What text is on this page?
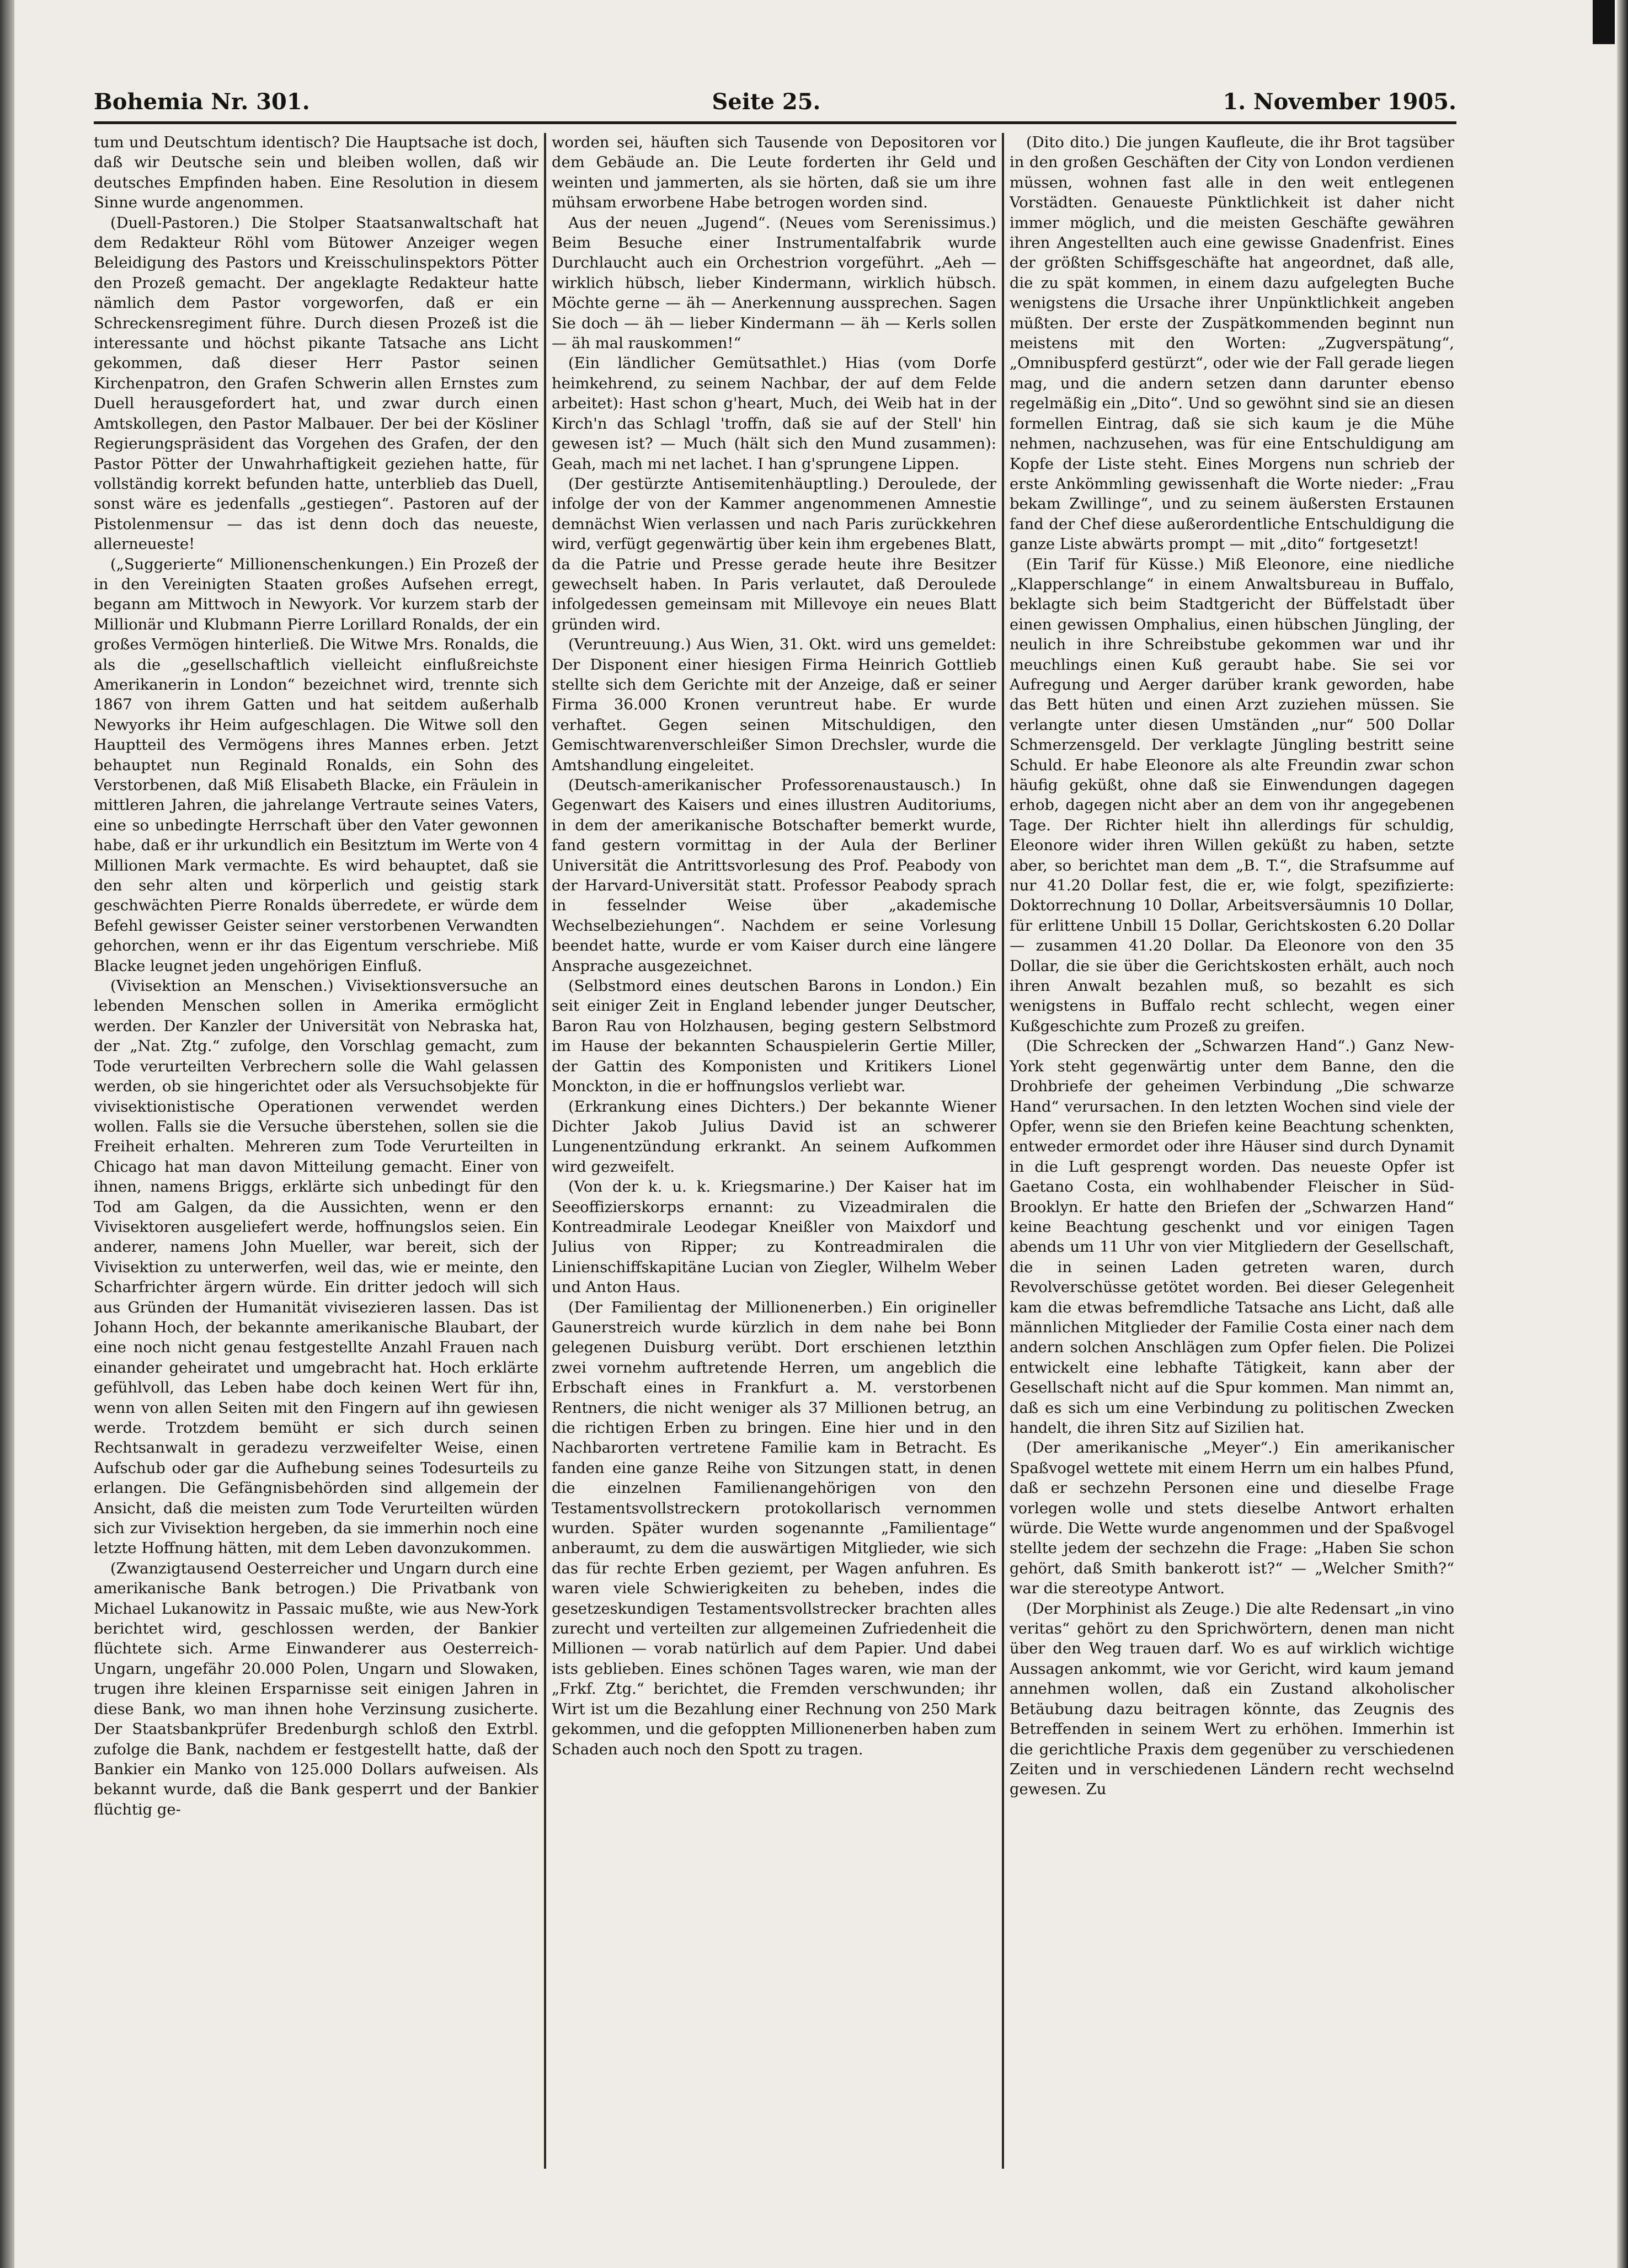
Bohemia Nr. 301.	Seite 25.	1. November 1905.

tum und Deutschtum identisch? Die Hauptsache ist doch, daß wir Deutsche sein und bleiben wollen, daß wir deutsches Empfinden haben. Eine Resolution in diesem Sinne wurde angenommen.

(Duell-Pastoren.) Die Stolper Staatsanwaltschaft hat dem Redakteur Röhl vom Bütower Anzeiger wegen Beleidigung des Pastors und Kreisschulinspektors Pötter den Prozeß gemacht. Der angeklagte Redakteur hatte nämlich dem Pastor vorgeworfen, daß er ein Schreckensregiment führe. Durch diesen Prozeß ist die interessante und höchst pikante Tatsache ans Licht gekommen, daß dieser Herr Pastor seinen Kirchenpatron, den Grafen Schwerin allen Ernstes zum Duell herausgefordert hat, und zwar durch einen Amtskollegen, den Pastor Malbauer. Der bei der Kösliner Regierungspräsident das Vorgehen des Grafen, der den Pastor Pötter der Unwahrhaftigkeit geziehen hatte, für vollständig korrekt befunden hatte, unterblieb das Duell, sonst wäre es jedenfalls „gestiegen“. Pastoren auf der Pistolenmensur — das ist denn doch das neueste, allerneueste!

(„Suggerierte“ Millionenschenkungen.) Ein Prozeß der in den Vereinigten Staaten großes Aufsehen erregt, begann am Mittwoch in Newyork. Vor kurzem starb der Millionär und Klubmann Pierre Lorillard Ronalds, der ein großes Vermögen hinterließ. Die Witwe Mrs. Ronalds, die als die „gesellschaftlich vielleicht einflußreichste Amerikanerin in London“ bezeichnet wird, trennte sich 1867 von ihrem Gatten und hat seitdem außerhalb Newyorks ihr Heim aufgeschlagen. Die Witwe soll den Hauptteil des Vermögens ihres Mannes erben. Jetzt behauptet nun Reginald Ronalds, ein Sohn des Verstorbenen, daß Miß Elisabeth Blacke, ein Fräulein in mittleren Jahren, die jahrelange Vertraute seines Vaters, eine so unbedingte Herrschaft über den Vater gewonnen habe, daß er ihr urkundlich ein Besitztum im Werte von 4 Millionen Mark vermachte. Es wird behauptet, daß sie den sehr alten und körperlich und geistig stark geschwächten Pierre Ronalds überredete, er würde dem Befehl gewisser Geister seiner verstorbenen Verwandten gehorchen, wenn er ihr das Eigentum verschriebe. Miß Blacke leugnet jeden ungehörigen Einfluß.

(Vivisektion an Menschen.) Vivisektionsversuche an lebenden Menschen sollen in Amerika ermöglicht werden. Der Kanzler der Universität von Nebraska hat, der „Nat. Ztg.“ zufolge, den Vorschlag gemacht, zum Tode verurteilten Verbrechern solle die Wahl gelassen werden, ob sie hingerichtet oder als Versuchsobjekte für vivisektionistische Operationen verwendet werden wollen. Falls sie die Versuche überstehen, sollen sie die Freiheit erhalten. Mehreren zum Tode Verurteilten in Chicago hat man davon Mitteilung gemacht. Einer von ihnen, namens Briggs, erklärte sich unbedingt für den Tod am Galgen, da die Aussichten, wenn er den Vivisektoren ausgeliefert werde, hoffnungslos seien. Ein anderer, namens John Mueller, war bereit, sich der Vivisektion zu unterwerfen, weil das, wie er meinte, den Scharfrichter ärgern würde. Ein dritter jedoch will sich aus Gründen der Humanität vivisezieren lassen. Das ist Johann Hoch, der bekannte amerikanische Blaubart, der eine noch nicht genau festgestellte Anzahl Frauen nach einander geheiratet und umgebracht hat. Hoch erklärte gefühlvoll, das Leben habe doch keinen Wert für ihn, wenn von allen Seiten mit den Fingern auf ihn gewiesen werde. Trotzdem bemüht er sich durch seinen Rechtsanwalt in geradezu verzweifelter Weise, einen Aufschub oder gar die Aufhebung seines Todesurteils zu erlangen. Die Gefängnisbehörden sind allgemein der Ansicht, daß die meisten zum Tode Verurteilten würden sich zur Vivisektion hergeben, da sie immerhin noch eine letzte Hoffnung hätten, mit dem Leben davonzukommen.

(Zwanzigtausend Oesterreicher und Ungarn durch eine amerikanische Bank betrogen.) Die Privatbank von Michael Lukanowitz in Passaic mußte, wie aus New-York berichtet wird, geschlossen werden, der Bankier flüchtete sich. Arme Einwanderer aus Oesterreich-Ungarn, ungefähr 20.000 Polen, Ungarn und Slowaken, trugen ihre kleinen Ersparnisse seit einigen Jahren in diese Bank, wo man ihnen hohe Verzinsung zusicherte. Der Staatsbankprüfer Bredenburgh schloß den Extrbl. zufolge die Bank, nachdem er festgestellt hatte, daß der Bankier ein Manko von 125.000 Dollars aufweisen. Als bekannt wurde, daß die Bank gesperrt und der Bankier flüchtig ge-

worden sei, häuften sich Tausende von Depositoren vor dem Gebäude an. Die Leute forderten ihr Geld und weinten und jammerten, als sie hörten, daß sie um ihre mühsam erworbene Habe betrogen worden sind.

Aus der neuen „Jugend“. (Neues vom Serenissimus.) Beim Besuche einer Instrumentalfabrik wurde Durchlaucht auch ein Orchestrion vorgeführt. „Aeh — wirklich hübsch, lieber Kindermann, wirklich hübsch. Möchte gerne — äh — Anerkennung aussprechen. Sagen Sie doch — äh — lieber Kindermann — äh — Kerls sollen — äh mal rauskommen!“

(Ein ländlicher Gemütsathlet.) Hias (vom Dorfe heimkehrend, zu seinem Nachbar, der auf dem Felde arbeitet): Hast schon g'heart, Much, dei Weib hat in der Kirch'n das Schlagl 'troffn, daß sie auf der Stell' hin gewesen ist? — Much (hält sich den Mund zusammen): Geah, mach mi net lachet. I han g'sprungene Lippen.

(Der gestürzte Antisemitenhäuptling.) Deroulede, der infolge der von der Kammer angenommenen Amnestie demnächst Wien verlassen und nach Paris zurückkehren wird, verfügt gegenwärtig über kein ihm ergebenes Blatt, da die Patrie und Presse gerade heute ihre Besitzer gewechselt haben. In Paris verlautet, daß Deroulede infolgedessen gemeinsam mit Millevoye ein neues Blatt gründen wird.

(Veruntreuung.) Aus Wien, 31. Okt. wird uns gemeldet: Der Disponent einer hiesigen Firma Heinrich Gottlieb stellte sich dem Gerichte mit der Anzeige, daß er seiner Firma 36.000 Kronen veruntreut habe. Er wurde verhaftet. Gegen seinen Mitschuldigen, den Gemischtwarenverschleißer Simon Drechsler, wurde die Amtshandlung eingeleitet.

(Deutsch-amerikanischer Professorenaustausch.) In Gegenwart des Kaisers und eines illustren Auditoriums, in dem der amerikanische Botschafter bemerkt wurde, fand gestern vormittag in der Aula der Berliner Universität die Antrittsvorlesung des Prof. Peabody von der Harvard-Universität statt. Professor Peabody sprach in fesselnder Weise über „akademische Wechselbeziehungen“. Nachdem er seine Vorlesung beendet hatte, wurde er vom Kaiser durch eine längere Ansprache ausgezeichnet.

(Selbstmord eines deutschen Barons in London.) Ein seit einiger Zeit in England lebender junger Deutscher, Baron Rau von Holzhausen, beging gestern Selbstmord im Hause der bekannten Schauspielerin Gertie Miller, der Gattin des Komponisten und Kritikers Lionel Monckton, in die er hoffnungslos verliebt war.

(Erkrankung eines Dichters.) Der bekannte Wiener Dichter Jakob Julius David ist an schwerer Lungenentzündung erkrankt. An seinem Aufkommen wird gezweifelt.

(Von der k. u. k. Kriegsmarine.) Der Kaiser hat im Seeoffizierskorps ernannt: zu Vizeadmiralen die Kontreadmirale Leodegar Kneißler von Maixdorf und Julius von Ripper; zu Kontreadmiralen die Linienschiffskapitäne Lucian von Ziegler, Wilhelm Weber und Anton Haus.

(Der Familientag der Millionenerben.) Ein origineller Gaunerstreich wurde kürzlich in dem nahe bei Bonn gelegenen Duisburg verübt. Dort erschienen letzthin zwei vornehm auftretende Herren, um angeblich die Erbschaft eines in Frankfurt a. M. verstorbenen Rentners, die nicht weniger als 37 Millionen betrug, an die richtigen Erben zu bringen. Eine hier und in den Nachbarorten vertretene Familie kam in Betracht. Es fanden eine ganze Reihe von Sitzungen statt, in denen die einzelnen Familienangehörigen von den Testamentsvollstreckern protokollarisch vernommen wurden. Später wurden sogenannte „Familientage“ anberaumt, zu dem die auswärtigen Mitglieder, wie sich das für rechte Erben geziemt, per Wagen anfuhren. Es waren viele Schwierigkeiten zu beheben, indes die gesetzeskundigen Testamentsvollstrecker brachten alles zurecht und verteilten zur allgemeinen Zufriedenheit die Millionen — vorab natürlich auf dem Papier. Und dabei ists geblieben. Eines schönen Tages waren, wie man der „Frkf. Ztg.“ berichtet, die Fremden verschwunden; ihr Wirt ist um die Bezahlung einer Rechnung von 250 Mark gekommen, und die gefoppten Millionenerben haben zum Schaden auch noch den Spott zu tragen.

(Dito dito.) Die jungen Kaufleute, die ihr Brot tagsüber in den großen Geschäften der City von London verdienen müssen, wohnen fast alle in den weit entlegenen Vorstädten. Genaueste Pünktlichkeit ist daher nicht immer möglich, und die meisten Geschäfte gewähren ihren Angestellten auch eine gewisse Gnadenfrist. Eines der größten Schiffsgeschäfte hat angeordnet, daß alle, die zu spät kommen, in einem dazu aufgelegten Buche wenigstens die Ursache ihrer Unpünktlichkeit angeben müßten. Der erste der Zuspätkommenden beginnt nun meistens mit den Worten: „Zugverspätung“, „Omnibuspferd gestürzt“, oder wie der Fall gerade liegen mag, und die andern setzen dann darunter ebenso regelmäßig ein „Dito“. Und so gewöhnt sind sie an diesen formellen Eintrag, daß sie sich kaum je die Mühe nehmen, nachzusehen, was für eine Entschuldigung am Kopfe der Liste steht. Eines Morgens nun schrieb der erste Ankömmling gewissenhaft die Worte nieder: „Frau bekam Zwillinge“, und zu seinem äußersten Erstaunen fand der Chef diese außerordentliche Entschuldigung die ganze Liste abwärts prompt — mit „dito“ fortgesetzt!

(Ein Tarif für Küsse.) Miß Eleonore, eine niedliche „Klapperschlange“ in einem Anwaltsbureau in Buffalo, beklagte sich beim Stadtgericht der Büffelstadt über einen gewissen Omphalius, einen hübschen Jüngling, der neulich in ihre Schreibstube gekommen war und ihr meuchlings einen Kuß geraubt habe. Sie sei vor Aufregung und Aerger darüber krank geworden, habe das Bett hüten und einen Arzt zuziehen müssen. Sie verlangte unter diesen Umständen „nur“ 500 Dollar Schmerzensgeld. Der verklagte Jüngling bestritt seine Schuld. Er habe Eleonore als alte Freundin zwar schon häufig geküßt, ohne daß sie Einwendungen dagegen erhob, dagegen nicht aber an dem von ihr angegebenen Tage. Der Richter hielt ihn allerdings für schuldig, Eleonore wider ihren Willen geküßt zu haben, setzte aber, so berichtet man dem „B. T.“, die Strafsumme auf nur 41.20 Dollar fest, die er, wie folgt, spezifizierte: Doktorrechnung 10 Dollar, Arbeitsversäumnis 10 Dollar, für erlittene Unbill 15 Dollar, Gerichtskosten 6.20 Dollar — zusammen 41.20 Dollar. Da Eleonore von den 35 Dollar, die sie über die Gerichtskosten erhält, auch noch ihren Anwalt bezahlen muß, so bezahlt es sich wenigstens in Buffalo recht schlecht, wegen einer Kußgeschichte zum Prozeß zu greifen.

(Die Schrecken der „Schwarzen Hand“.) Ganz New-York steht gegenwärtig unter dem Banne, den die Drohbriefe der geheimen Verbindung „Die schwarze Hand“ verursachen. In den letzten Wochen sind viele der Opfer, wenn sie den Briefen keine Beachtung schenkten, entweder ermordet oder ihre Häuser sind durch Dynamit in die Luft gesprengt worden. Das neueste Opfer ist Gaetano Costa, ein wohlhabender Fleischer in Süd-Brooklyn. Er hatte den Briefen der „Schwarzen Hand“ keine Beachtung geschenkt und vor einigen Tagen abends um 11 Uhr von vier Mitgliedern der Gesellschaft, die in seinen Laden getreten waren, durch Revolverschüsse getötet worden. Bei dieser Gelegenheit kam die etwas befremdliche Tatsache ans Licht, daß alle männlichen Mitglieder der Familie Costa einer nach dem andern solchen Anschlägen zum Opfer fielen. Die Polizei entwickelt eine lebhafte Tätigkeit, kann aber der Gesellschaft nicht auf die Spur kommen. Man nimmt an, daß es sich um eine Verbindung zu politischen Zwecken handelt, die ihren Sitz auf Sizilien hat.

(Der amerikanische „Meyer“.) Ein amerikanischer Spaßvogel wettete mit einem Herrn um ein halbes Pfund, daß er sechzehn Personen eine und dieselbe Frage vorlegen wolle und stets dieselbe Antwort erhalten würde. Die Wette wurde angenommen und der Spaßvogel stellte jedem der sechzehn die Frage: „Haben Sie schon gehört, daß Smith bankerott ist?“ — „Welcher Smith?“ war die stereotype Antwort.

(Der Morphinist als Zeuge.) Die alte Redensart „in vino veritas“ gehört zu den Sprichwörtern, denen man nicht über den Weg trauen darf. Wo es auf wirklich wichtige Aussagen ankommt, wie vor Gericht, wird kaum jemand annehmen wollen, daß ein Zustand alkoholischer Betäubung dazu beitragen könnte, das Zeugnis des Betreffenden in seinem Wert zu erhöhen. Immerhin ist die gerichtliche Praxis dem gegenüber zu verschiedenen Zeiten und in verschiedenen Ländern recht wechselnd gewesen. Zu
